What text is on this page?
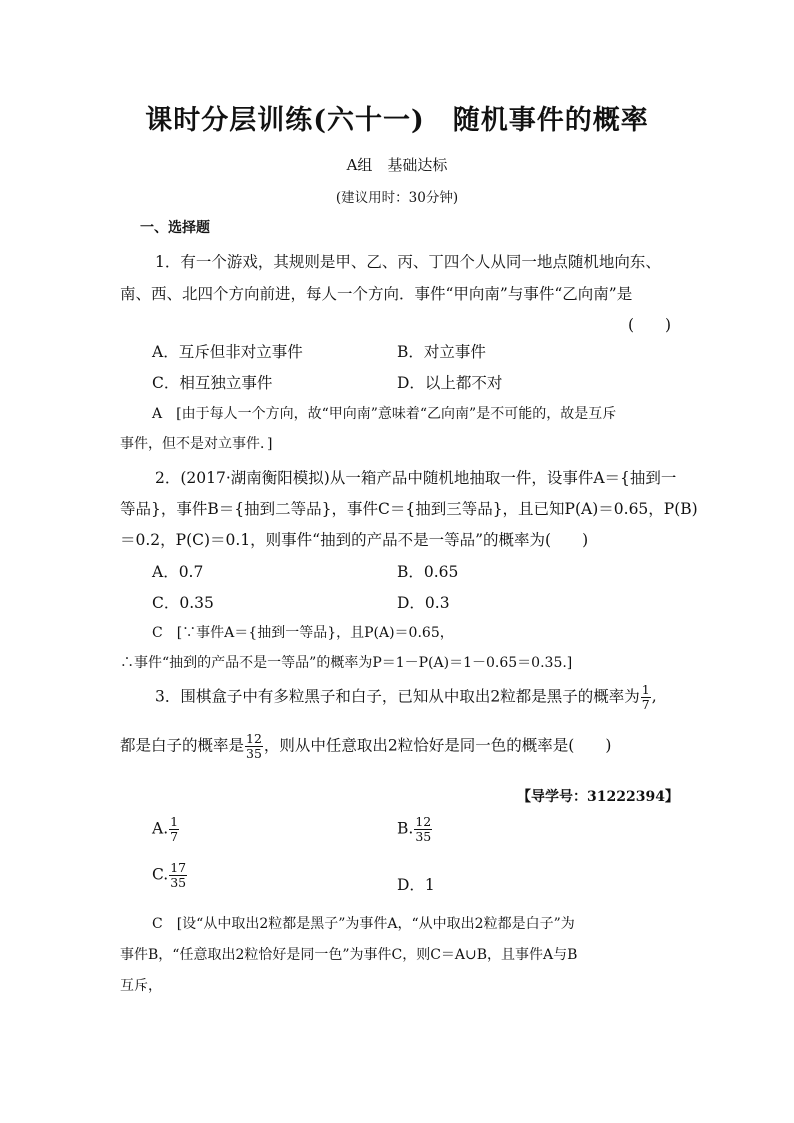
课时分层训练(六十一)　随机事件的概率
A组　基础达标
(建议用时：30分钟)
一、选择题
1．有一个游戏，其规则是甲、乙、丙、丁四个人从同一地点随机地向东、
南、西、北四个方向前进，每人一个方向．事件“甲向南”与事件“乙向南”是
(　　)
A．互斥但非对立事件	B．对立事件
C．相互独立事件	D．以上都不对
A　[由于每人一个方向，故“甲向南”意味着“乙向南”是不可能的，故是互斥
事件，但不是对立事件．]
2．(2017·湖南衡阳模拟)从一箱产品中随机地抽取一件，设事件A＝{抽到一
等品}，事件B＝{抽到二等品}，事件C＝{抽到三等品}，且已知P(A)＝0.65，P(B)
＝0.2，P(C)＝0.1，则事件“抽到的产品不是一等品”的概率为(　　)
A．0.7	B．0.65
C．0.35	D．0.3
C　[∵事件A＝{抽到一等品}，且P(A)＝0.65，
∴事件“抽到的产品不是一等品”的概率为P＝1－P(A)＝1－0.65＝0.35.]
3．围棋盒子中有多粒黑子和白子，已知从中取出2粒都是黑子的概率为 $\frac{1}{7}$ ,
都是白子的概率是 $\frac{12}{35}$ ，则从中任意取出2粒恰好是同一色的概率是(　　)
【导学号：31222394】
A. $\frac{1}{7}$	B. $\frac{12}{35}$
C. $\frac{17}{35}$	D．1
C　[设“从中取出2粒都是黑子”为事件A，“从中取出2粒都是白子”为
事件B，“任意取出2粒恰好是同一色”为事件C，则C＝A∪B，且事件A与B
互斥，
